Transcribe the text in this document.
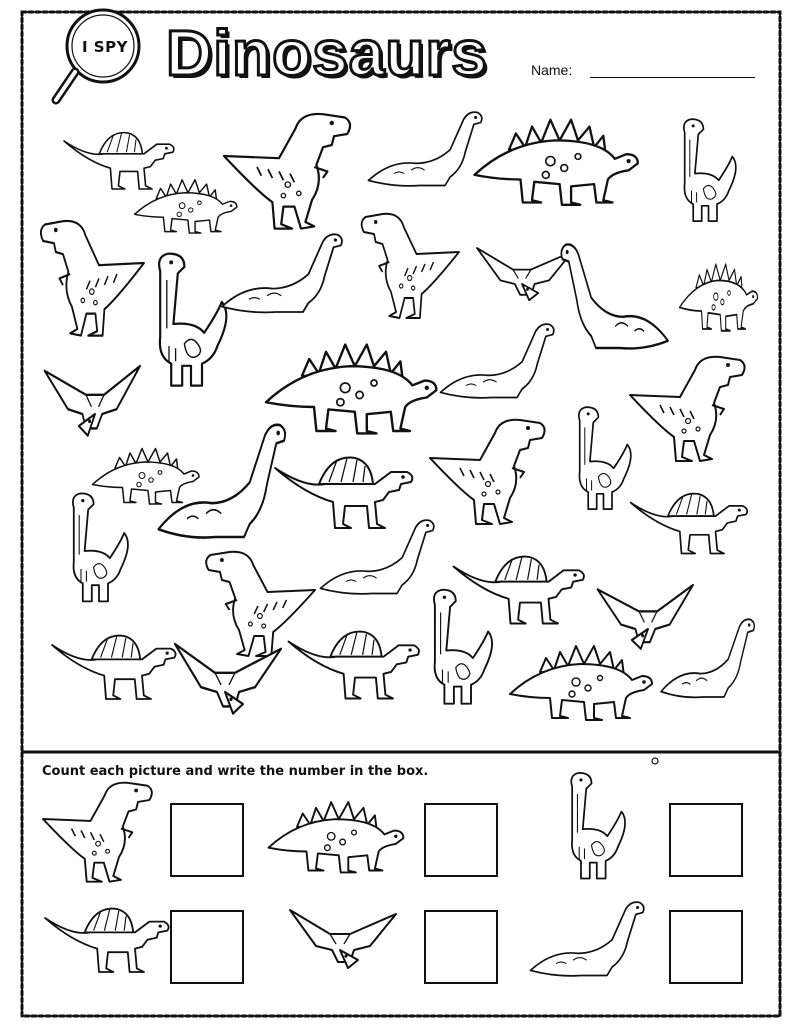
I SPY Dinosaurs	Name:
Count each picture and write the number in the box.
